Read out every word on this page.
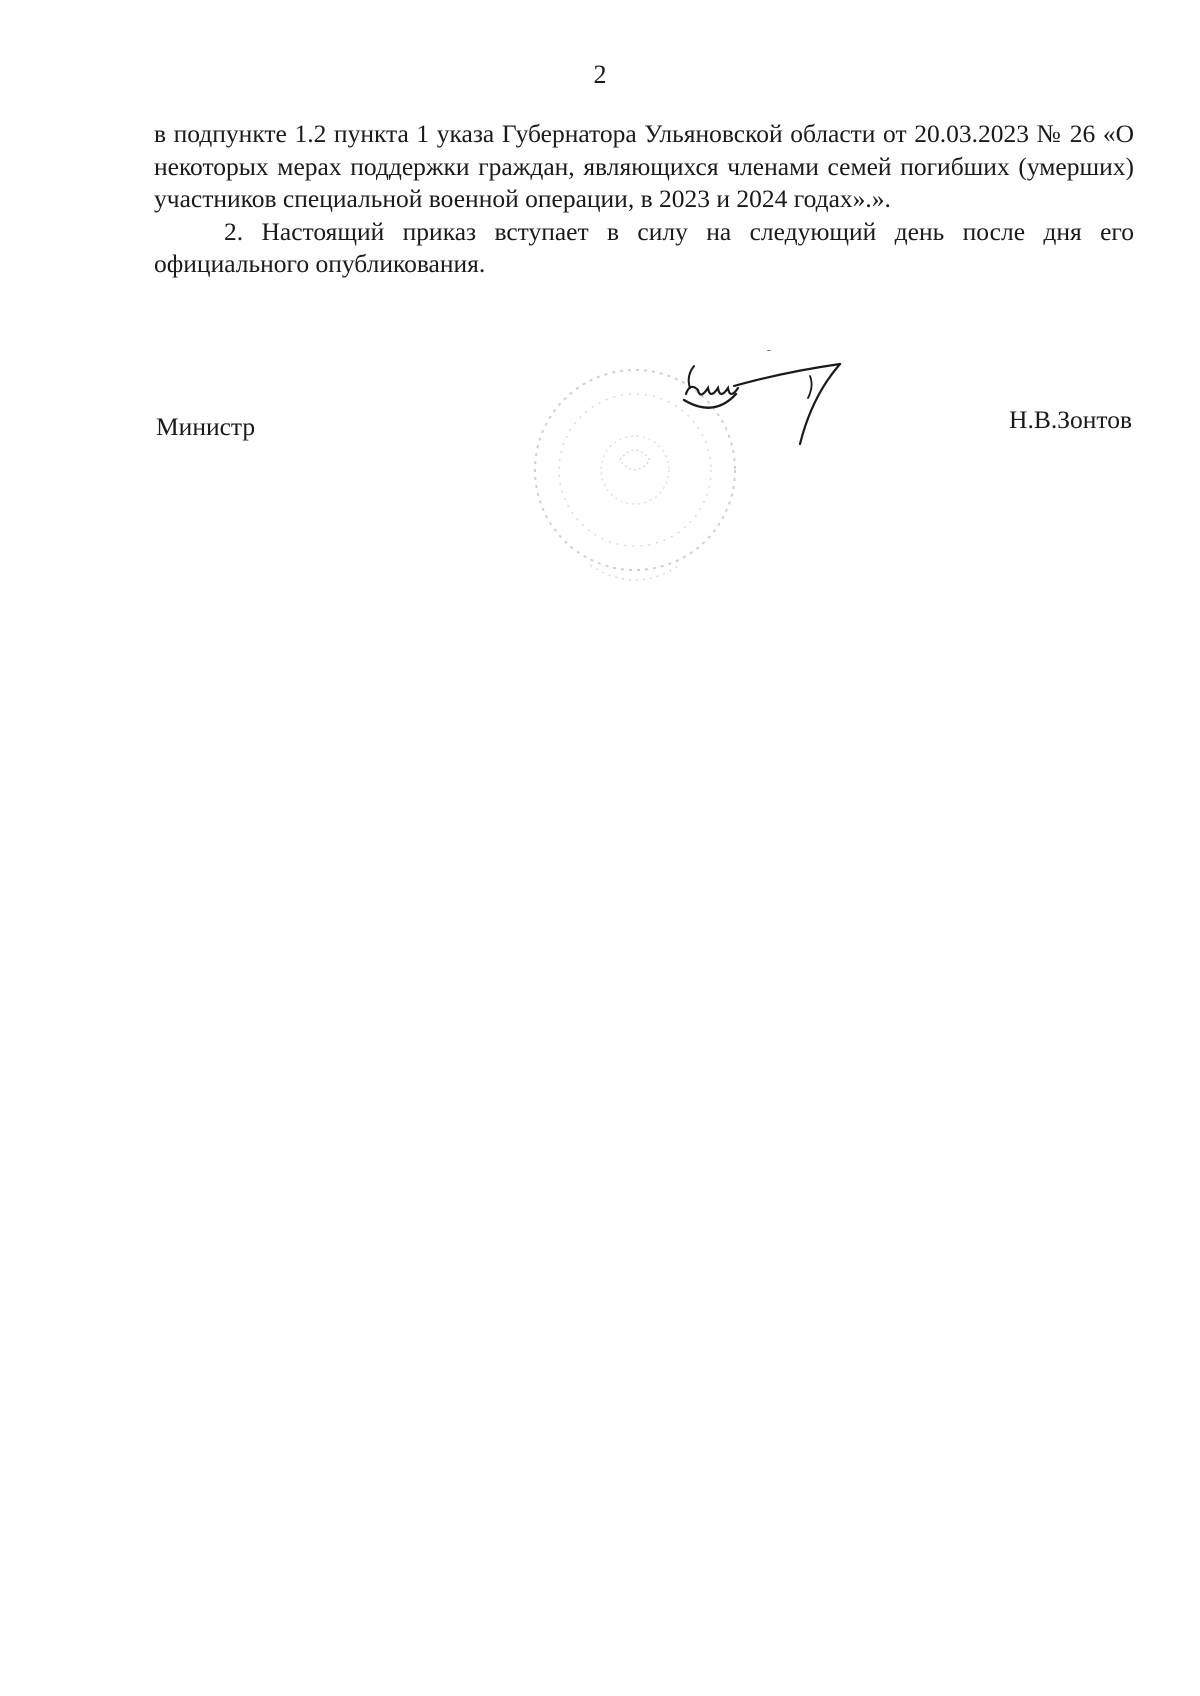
2

в подпункте 1.2 пункта 1 указа Губернатора Ульяновской области от 20.03.2023 № 26 «О некоторых мерах поддержки граждан, являющихся членами семей погибших (умерших) участников специальной военной операции, в 2023 и 2024 годах».».

2. Настоящий приказ вступает в силу на следующий день после дня его официального опубликования.

Министр	Н.В.Зонтов
